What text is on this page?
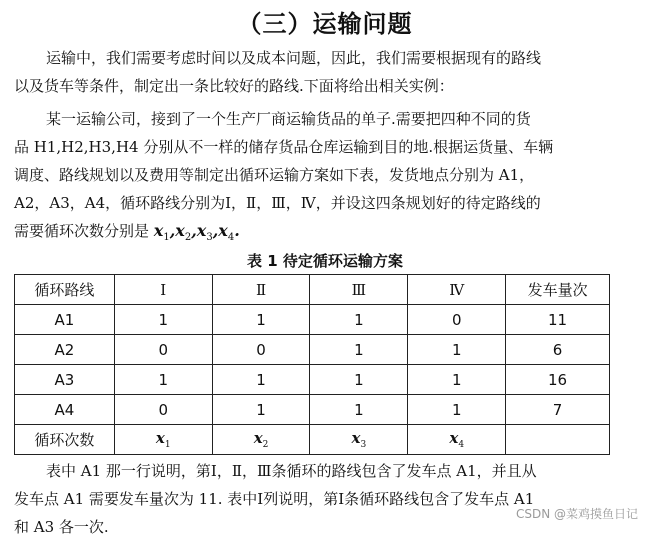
（三）运输问题
运输中，我们需要考虑时间以及成本问题，因此，我们需要根据现有的路线
以及货车等条件，制定出一条比较好的路线.下面将给出相关实例：
某一运输公司，接到了一个生产厂商运输货品的单子.需要把四种不同的货
品 H1,H2,H3,H4 分别从不一样的储存货品仓库运输到目的地.根据运货量、车辆
调度、路线规划以及费用等制定出循环运输方案如下表，发货地点分别为 A1，
A2，A3，A4，循环路线分别为Ⅰ，Ⅱ，Ⅲ，Ⅳ，并设这四条规划好的待定路线的
需要循环次数分别是 $x_1,x_2,x_3,x_4$.
表 1 待定循环运输方案
循环路线	Ⅰ	Ⅱ	Ⅲ	Ⅳ	发车量次
A1	1	1	1	0	11
A2	0	0	1	1	6
A3	1	1	1	1	16
A4	0	1	1	1	7
循环次数	$x_1$	$x_2$	$x_3$	$x_4$	
表中 A1 那一行说明，第Ⅰ，Ⅱ，Ⅲ条循环的路线包含了发车点 A1，并且从
发车点 A1 需要发车量次为 11. 表中Ⅰ列说明，第Ⅰ条循环路线包含了发车点 A1
和 A3 各一次.
CSDN @菜鸡摸鱼日记
